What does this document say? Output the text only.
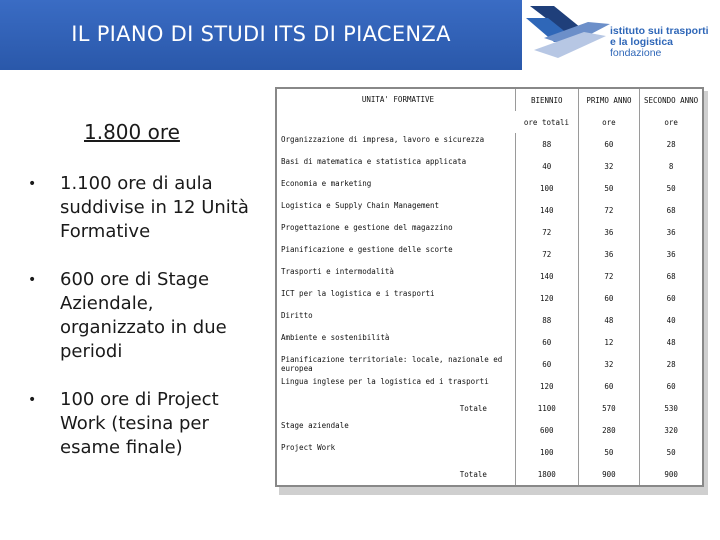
IL PIANO DI STUDI ITS DI PIACENZA	istituto sui trasporti
e la logistica
fondazione
1.800 ore
• 1.100 ore di aula suddivise in 12 Unità Formative
• 600 ore di Stage Aziendale, organizzato in due periodi
• 100 ore di Project Work (tesina per esame finale)
UNITA' FORMATIVE	BIENNIO	PRIMO ANNO	SECONDO ANNO
	ore totali	ore	ore

Organizzazione di impresa, lavoro e sicurezza	88	60	28

Basi di matematica e statistica applicata	40	32	8

Economia e marketing	100	50	50

Logistica e Supply Chain Management	140	72	68

Progettazione e gestione del magazzino	72	36	36

Pianificazione e gestione delle scorte	72	36	36

Trasporti e intermodalità	140	72	68

ICT per la logistica e i trasporti	120	60	60

Diritto	88	48	40

Ambiente e sostenibilità	60	12	48

Pianificazione territoriale: locale, nazionale ed europea	60	32	28

Lingua inglese per la logistica ed i trasporti	120	60	60
Totale	1100	570	530

Stage aziendale	600	280	320

Project Work	100	50	50
Totale	1800	900	900
